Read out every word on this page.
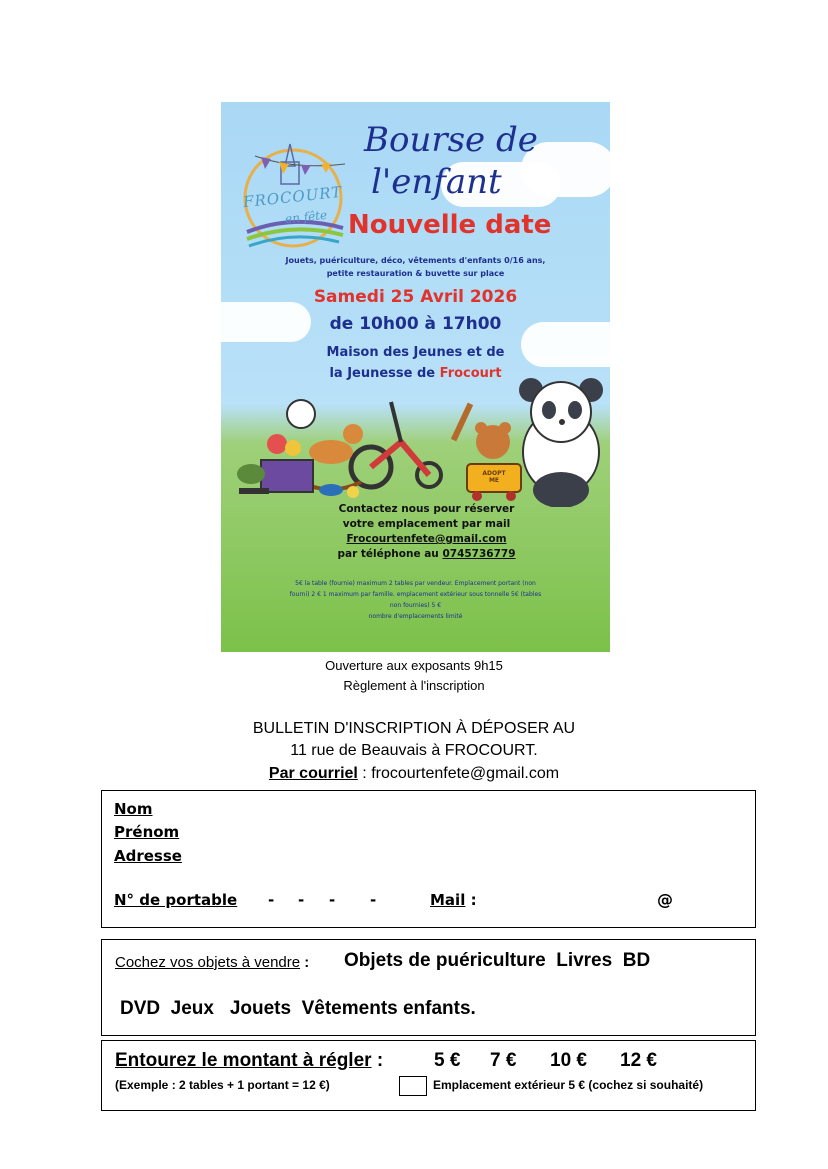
FROCOURT
en fête
Bourse de
l'enfant
Nouvelle date
Jouets, puériculture, déco, vêtements d'enfants 0/16 ans,
petite restauration & buvette sur place
Samedi 25 Avril 2026
de 10h00 à 17h00
Maison des Jeunes et de
la Jeunesse de Frocourt
ADOPT ME
Contactez nous pour réserver
votre emplacement par mail
Frocourtenfete@gmail.com
par téléphone au 0745736779
5€ la table (fournie) maximum 2 tables par vendeur. Emplacement portant (non
fourni) 2 € 1 maximum par famille. emplacement extérieur sous tonnelle 5€ (tables
non fournies) 5 €
nombre d'emplacements limité
Ouverture aux exposants 9h15
Règlement à l'inscription
BULLETIN D'INSCRIPTION À DÉPOSER AU
11 rue de Beauvais à FROCOURT.
Par courriel : frocourtenfete@gmail.com
Nom
Prénom
Adresse
N° de portable - - - -	Mail :	@
Cochez vos objets à vendre : Objets de puériculture  Livres  BD
DVD  Jeux   Jouets  Vêtements enfants.
Entourez le montant à régler :	5 € 7 € 10 € 12 €
(Exemple : 2 tables + 1 portant = 12 €)	Emplacement extérieur 5 € (cochez si souhaité)
